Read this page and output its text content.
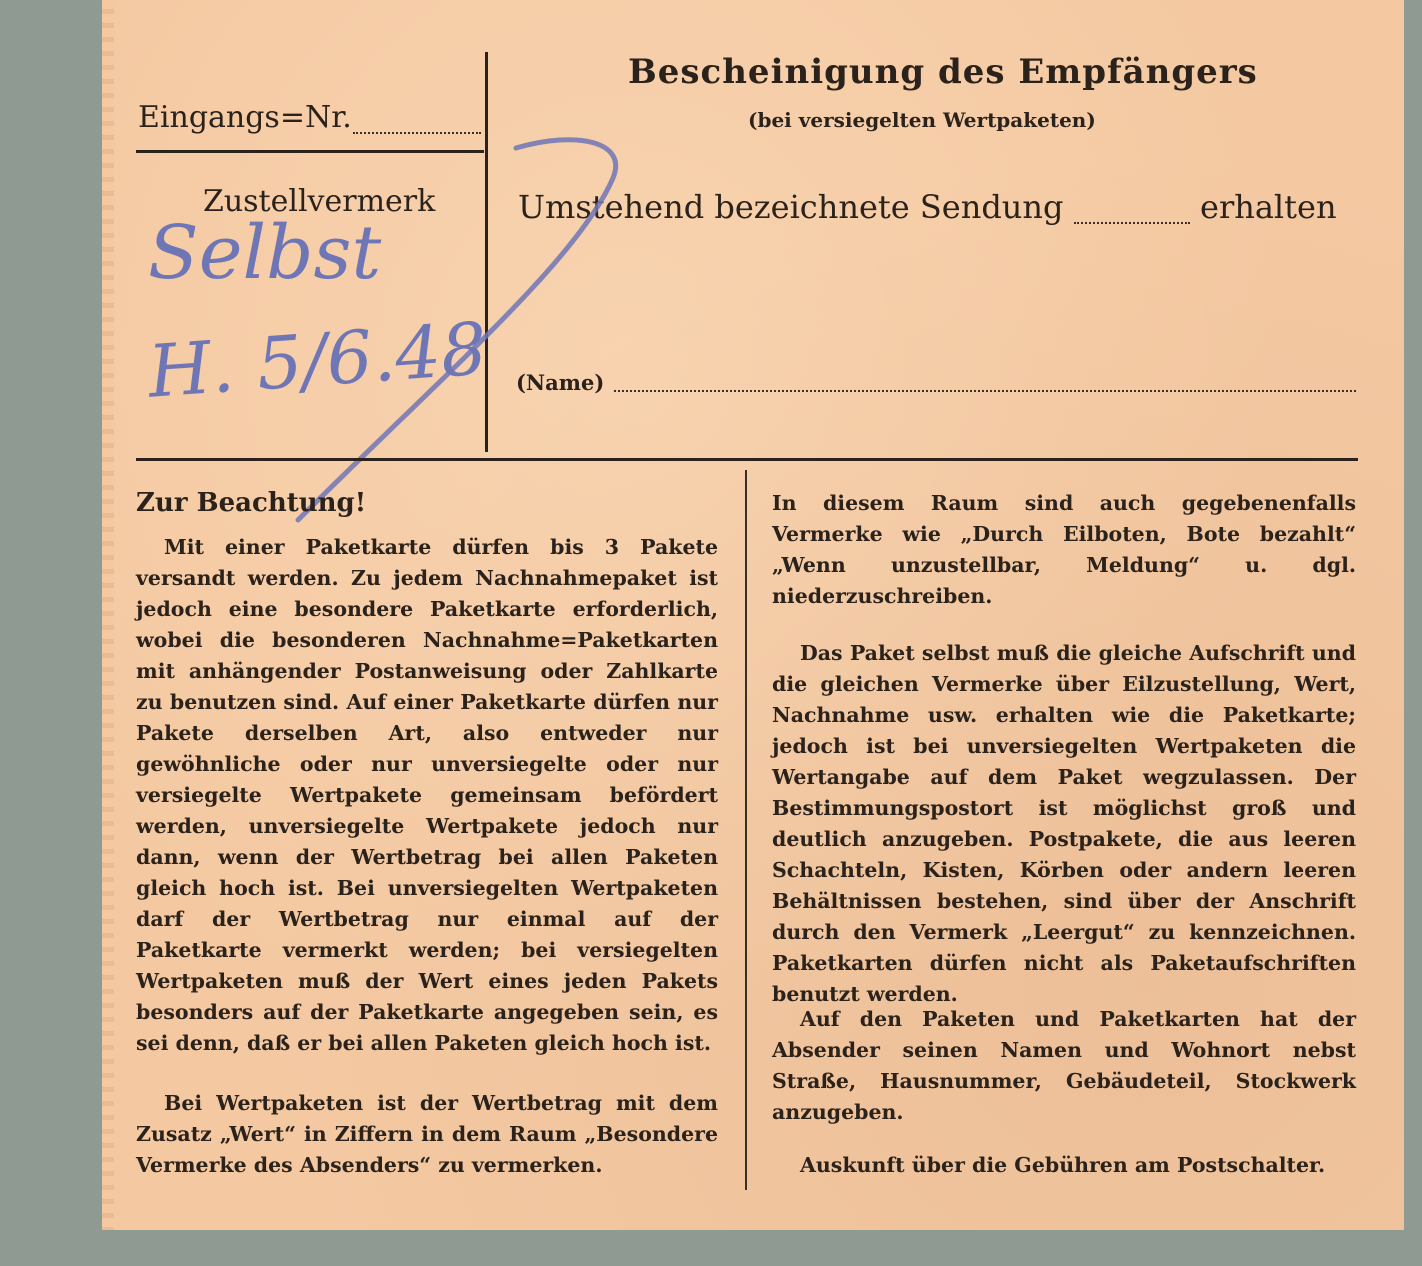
Eingangs=Nr.
Zustellvermerk
Bescheinigung des Empfängers
(bei versiegelten Wertpaketen)
Umstehend bezeichnete Sendung	erhalten
(Name)
Selbst
H. 5/6.48
Zur Beachtung!
Mit einer Paketkarte dürfen bis 3 Pakete versandt werden. Zu jedem Nachnahmepaket ist jedoch eine besondere Paketkarte erforderlich, wobei die besonderen Nachnahme=Paketkarten mit anhängender Postanweisung oder Zahlkarte zu benutzen sind. Auf einer Paketkarte dürfen nur Pakete derselben Art, also entweder nur gewöhnliche oder nur unversiegelte oder nur versiegelte Wertpakete gemeinsam befördert werden, unversiegelte Wertpakete jedoch nur dann, wenn der Wertbetrag bei allen Paketen gleich hoch ist. Bei unversiegelten Wertpaketen darf der Wertbetrag nur einmal auf der Paketkarte vermerkt werden; bei versiegelten Wertpaketen muß der Wert eines jeden Pakets besonders auf der Paketkarte angegeben sein, es sei denn, daß er bei allen Paketen gleich hoch ist.
Bei Wertpaketen ist der Wertbetrag mit dem Zusatz „Wert“ in Ziffern in dem Raum „Besondere Vermerke des Absenders“ zu vermerken.
In diesem Raum sind auch gegebenenfalls Vermerke wie „Durch Eilboten, Bote bezahlt“ „Wenn unzustellbar, Meldung“ u. dgl. niederzuschreiben.
Das Paket selbst muß die gleiche Aufschrift und die gleichen Vermerke über Eilzustellung, Wert, Nachnahme usw. erhalten wie die Paketkarte; jedoch ist bei unversiegelten Wertpaketen die Wertangabe auf dem Paket wegzulassen. Der Bestimmungspostort ist möglichst groß und deutlich anzugeben. Postpakete, die aus leeren Schachteln, Kisten, Körben oder andern leeren Behältnissen bestehen, sind über der Anschrift durch den Vermerk „Leergut“ zu kennzeichnen. Paketkarten dürfen nicht als Paketaufschriften benutzt werden.
Auf den Paketen und Paketkarten hat der Absender seinen Namen und Wohnort nebst Straße, Hausnummer, Gebäudeteil, Stockwerk anzugeben.
Auskunft über die Gebühren am Postschalter.
